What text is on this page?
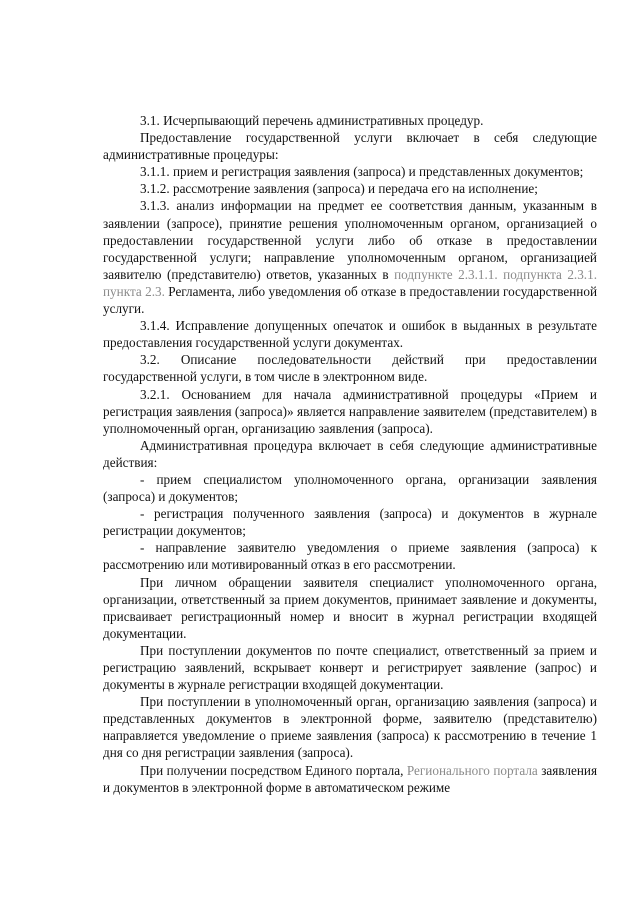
3.1. Исчерпывающий перечень административных процедур.

Предоставление государственной услуги включает в себя следующие административные процедуры:

3.1.1. прием и регистрация заявления (запроса) и представленных документов;

3.1.2. рассмотрение заявления (запроса) и передача его на исполнение;

3.1.3. анализ информации на предмет ее соответствия данным, указанным в заявлении (запросе), принятие решения уполномоченным органом, организацией о предоставлении государственной услуги либо об отказе в предоставлении государственной услуги; направление уполномоченным органом, организацией заявителю (представителю) ответов, указанных в подпункте 2.3.1.1. подпункта 2.3.1. пункта 2.3. Регламента, либо уведомления об отказе в предоставлении государственной услуги.

3.1.4. Исправление допущенных опечаток и ошибок в выданных в результате предоставления государственной услуги документах.

3.2. Описание последовательности действий при предоставлении государственной услуги, в том числе в электронном виде.

3.2.1. Основанием для начала административной процедуры «Прием и регистрация заявления (запроса)» является направление заявителем (представителем) в уполномоченный орган, организацию заявления (запроса).

Административная процедура включает в себя следующие административные действия:

- прием специалистом уполномоченного органа, организации заявления (запроса) и документов;

- регистрация полученного заявления (запроса) и документов в журнале регистрации документов;

- направление заявителю уведомления о приеме заявления (запроса) к рассмотрению или мотивированный отказ в его рассмотрении.

При личном обращении заявителя специалист уполномоченного органа, организации, ответственный за прием документов, принимает заявление и документы, присваивает регистрационный номер и вносит в журнал регистрации входящей документации.

При поступлении документов по почте специалист, ответственный за прием и регистрацию заявлений, вскрывает конверт и регистрирует заявление (запрос) и документы в журнале регистрации входящей документации.

При поступлении в уполномоченный орган, организацию заявления (запроса) и представленных документов в электронной форме, заявителю (представителю) направляется уведомление о приеме заявления (запроса) к рассмотрению в течение 1 дня со дня регистрации заявления (запроса).

При получении посредством Единого портала, Регионального портала заявления и документов в электронной форме в автоматическом режиме
